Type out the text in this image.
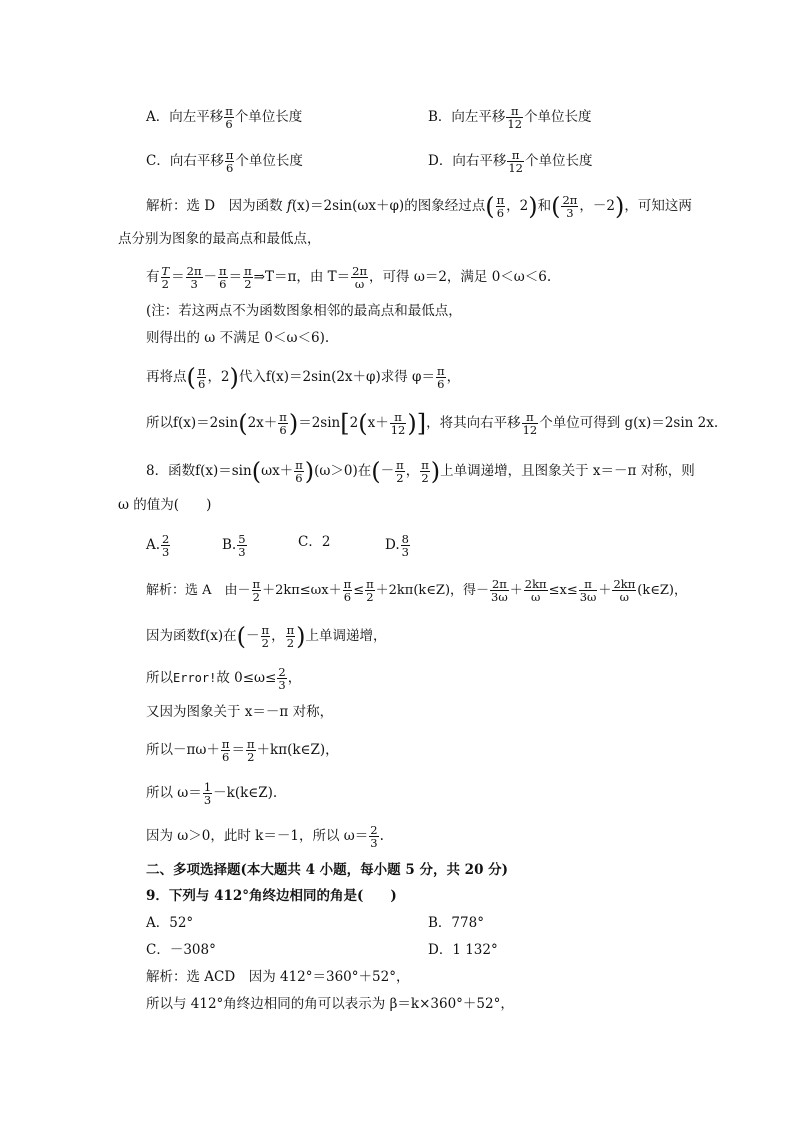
A．向左平移 $\frac{\pi}{6}$ 个单位长度	B．向左平移 $\frac{\pi}{12}$ 个单位长度
C．向右平移 $\frac{\pi}{6}$ 个单位长度	D．向右平移 $\frac{\pi}{12}$ 个单位长度
解析：选 D　因为函数 f(x)＝2sin(ωx＋φ)的图象经过点( $\frac{\pi}{6}$ ，2)和( $\frac{2\pi}{3}$ ，－2)，可知这两
点分别为图象的最高点和最低点，
有 $\frac{T}{2} = \frac{2\pi}{3} - \frac{\pi}{6} = \frac{\pi}{2}$ ⇒T＝π，由 $T= \frac{2\pi}{\omega}$ ，可得 ω＝2，满足 0＜ω＜6.
(注：若这两点不为函数图象相邻的最高点和最低点，
则得出的 ω 不满足 0＜ω＜6).
再将点( $\frac{\pi}{6}$ ，2)代入f(x)＝2sin(2x＋φ)求得 $\varphi= \frac{\pi}{6}$ ，
所以$f(x)=2\sin(2x+ \frac{\pi}{6} )=2\sin[2(x+ \frac{\pi}{12}$ )]，将其向右平移 $\frac{\pi}{12}$ 个单位可得到 g(x)＝2sin 2x.
8．函数$f(x)=\sin(\omega x+ \frac{\pi}{6} )(\omega>0)$在(－ $\frac{\pi}{2}$ ， $\frac{\pi}{2}$ )上单调递增，且图象关于 x＝－π 对称，则
ω 的值为(　　)
A. $\frac{2}{3}$	B. $\frac{5}{3}$	C．2	D. $\frac{8}{3}$
解析：选 A　由－ $\frac{\pi}{2} +2k\pi\le\omega x+ \frac{\pi}{6} \le \frac{\pi}{2}$ ＋2kπ(k∈Z)，得－ $\frac{2\pi}{3\omega} + \frac{2k\pi}{\omega} \le x\le \frac{\pi}{3\omega} + \frac{2k\pi}{\omega}$ (k∈Z)，
因为函数f(x)在(－ $\frac{\pi}{2}$ ， $\frac{\pi}{2}$ )上单调递增，
所以Error!故 $0\le\omega\le \frac{2}{3}$ ，
又因为图象关于 x＝－π 对称，
所以$-\pi\omega+ \frac{\pi}{6} = \frac{\pi}{2}$ ＋kπ(k∈Z)，
所以 $\omega= \frac{1}{3}$ －k(k∈Z).
因为 ω＞0，此时 k＝－1，所以 $\omega= \frac{2}{3}$ .
二、多项选择题(本大题共 4 小题，每小题 5 分，共 20 分)
9．下列与 412°角终边相同的角是(　　)
A．52°	B．778°
C．－308°	D．1 132°
解析：选 ACD　因为 412°＝360°＋52°，
所以与 412°角终边相同的角可以表示为 β＝k×360°＋52°，
